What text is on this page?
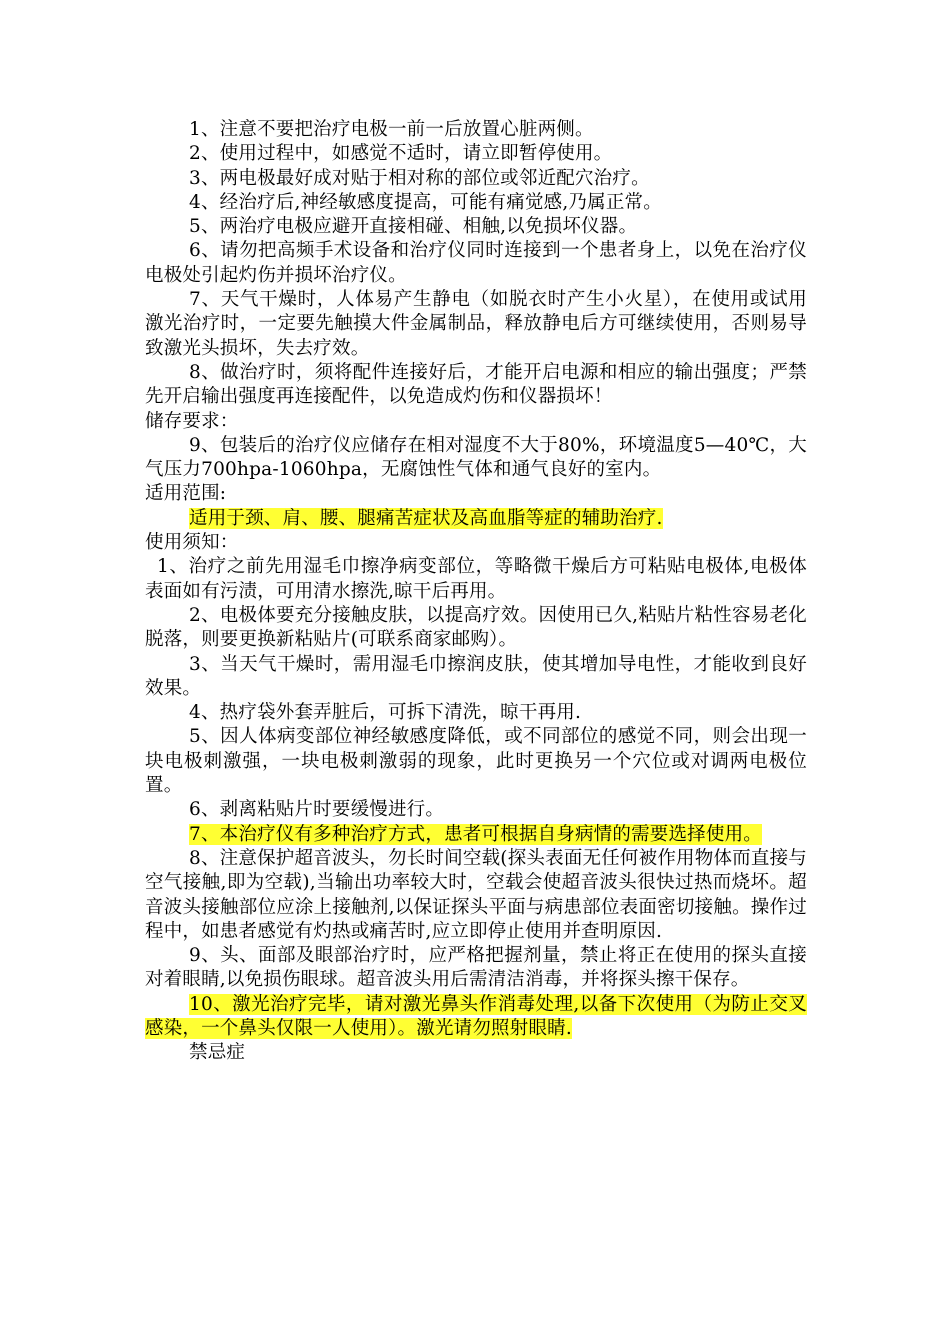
1、注意不要把治疗电极一前一后放置心脏两侧。

2、使用过程中，如感觉不适时，请立即暂停使用。

3、两电极最好成对贴于相对称的部位或邻近配穴治疗。

4、经治疗后,神经敏感度提高，可能有痛觉感,乃属正常。

5、两治疗电极应避开直接相碰、相触,以免损坏仪器。

6、请勿把高频手术设备和治疗仪同时连接到一个患者身上，以免在治疗仪电极处引起灼伤并损坏治疗仪。

7、天气干燥时，人体易产生静电（如脱衣时产生小火星），在使用或试用激光治疗时，一定要先触摸大件金属制品，释放静电后方可继续使用，否则易导致激光头损坏，失去疗效。

8、做治疗时，须将配件连接好后，才能开启电源和相应的输出强度；严禁先开启输出强度再连接配件，以免造成灼伤和仪器损坏！

储存要求：

9、包装后的治疗仪应储存在相对湿度不大于80%，环境温度5—40℃，大气压力700hpa-1060hpa，无腐蚀性气体和通气良好的室内。

适用范围:

适用于颈、肩、腰、腿痛苦症状及高血脂等症的辅助治疗.

使用须知：

1、治疗之前先用湿毛巾擦净病变部位，等略微干燥后方可粘贴电极体,电极体表面如有污渍，可用清水擦洗,晾干后再用。

2、电极体要充分接触皮肤，以提高疗效。因使用已久,粘贴片粘性容易老化脱落，则要更换新粘贴片(可联系商家邮购）。

3、当天气干燥时，需用湿毛巾擦润皮肤，使其增加导电性，才能收到良好效果。

4、热疗袋外套弄脏后，可拆下清洗，晾干再用.

5、因人体病变部位神经敏感度降低，或不同部位的感觉不同，则会出现一块电极刺激强，一块电极刺激弱的现象，此时更换另一个穴位或对调两电极位置。

6、剥离粘贴片时要缓慢进行。

7、本治疗仪有多种治疗方式，患者可根据自身病情的需要选择使用。

8、注意保护超音波头，勿长时间空载(探头表面无任何被作用物体而直接与空气接触,即为空载),当输出功率较大时，空载会使超音波头很快过热而烧坏。超音波头接触部位应涂上接触剂,以保证探头平面与病患部位表面密切接触。操作过程中，如患者感觉有灼热或痛苦时,应立即停止使用并查明原因.

9、头、面部及眼部治疗时，应严格把握剂量，禁止将正在使用的探头直接对着眼睛,以免损伤眼球。超音波头用后需清洁消毒，并将探头擦干保存。

10、激光治疗完毕，请对激光鼻头作消毒处理,以备下次使用（为防止交叉感染，一个鼻头仅限一人使用）。激光请勿照射眼睛.

禁忌症
